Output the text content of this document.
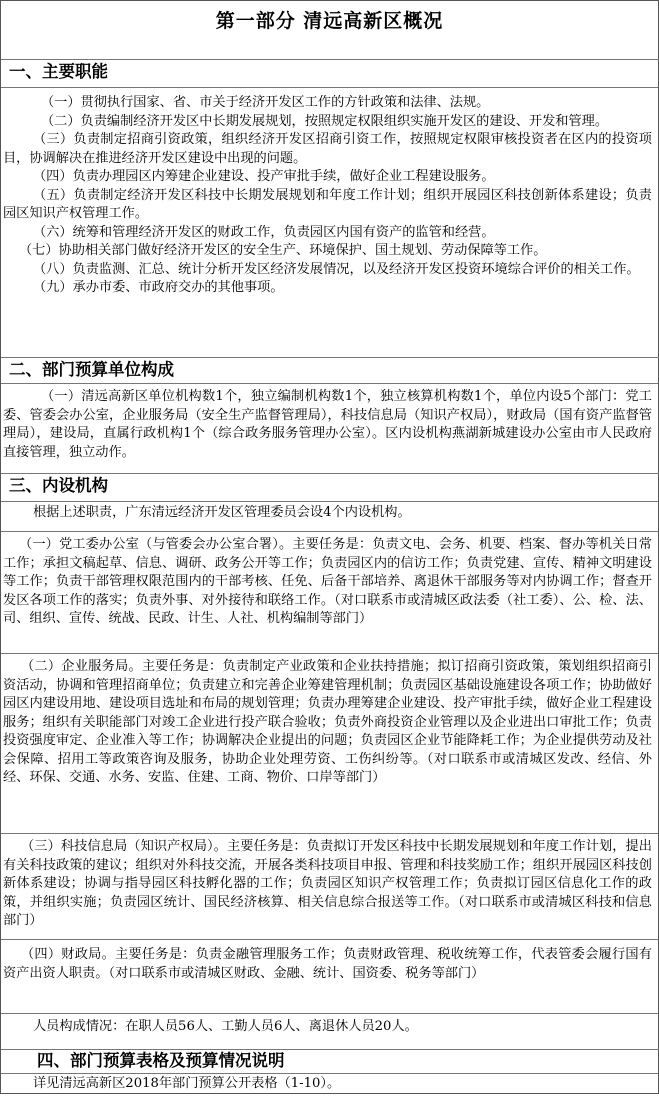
第一部分 清远高新区概况
一、主要职能

（一）贯彻执行国家、省、市关于经济开发区工作的方针政策和法律、法规。

（二）负责编制经济开发区中长期发展规划，按照规定权限组织实施开发区的建设、开发和管理。

（三）负责制定招商引资政策，组织经济开发区招商引资工作，按照规定权限审核投资者在区内的投资项目，协调解决在推进经济开发区建设中出现的问题。

（四）负责办理园区内筹建企业建设、投产审批手续，做好企业工程建设服务。

（五）负责制定经济开发区科技中长期发展规划和年度工作计划；组织开展园区科技创新体系建设；负责园区知识产权管理工作。

（六）统筹和管理经济开发区的财政工作，负责园区内国有资产的监管和经营。

（七）协助相关部门做好经济开发区的安全生产、环境保护、国土规划、劳动保障等工作。

（八）负责监测、汇总、统计分析开发区经济发展情况，以及经济开发区投资环境综合评价的相关工作。

（九）承办市委、市政府交办的其他事项。

二、部门预算单位构成

（一）清远高新区单位机构数1个，独立编制机构数1个，独立核算机构数1个，单位内设5个部门：党工委、管委会办公室，企业服务局（安全生产监督管理局），科技信息局（知识产权局），财政局（国有资产监督管理局），建设局，直属行政机构1个（综合政务服务管理办公室）。区内设机构燕湖新城建设办公室由市人民政府直接管理，独立动作。

三、内设机构

根据上述职责，广东清远经济开发区管理委员会设4个内设机构。

（一）党工委办公室（与管委会办公室合署）。主要任务是：负责文电、会务、机要、档案、督办等机关日常工作；承担文稿起草、信息、调研、政务公开等工作；负责园区内的信访工作；负责党建、宣传、精神文明建设等工作；负责干部管理权限范围内的干部考核、任免、后备干部培养、离退休干部服务等对内协调工作；督查开发区各项工作的落实；负责外事、对外接待和联络工作。（对口联系市或清城区政法委（社工委）、公、检、法、司、组织、宣传、统战、民政、计生、人社、机构编制等部门）

（二）企业服务局。主要任务是：负责制定产业政策和企业扶持措施；拟订招商引资政策，策划组织招商引资活动，协调和管理招商单位；负责建立和完善企业筹建管理机制；负责园区基础设施建设各项工作；协助做好园区内建设用地、建设项目选址和布局的规划管理；负责办理筹建企业建设、投产审批手续，做好企业工程建设服务；组织有关职能部门对竣工企业进行投产联合验收；负责外商投资企业管理以及企业进出口审批工作；负责投资强度审定、企业准入等工作；协调解决企业提出的问题；负责园区企业节能降耗工作；为企业提供劳动及社会保障、招用工等政策咨询及服务，协助企业处理劳资、工伤纠纷等。（对口联系市或清城区发改、经信、外经、环保、交通、水务、安监、住建、工商、物价、口岸等部门）

（三）科技信息局（知识产权局）。主要任务是：负责拟订开发区科技中长期发展规划和年度工作计划，提出有关科技政策的建议；组织对外科技交流，开展各类科技项目申报、管理和科技奖励工作；组织开展园区科技创新体系建设；协调与指导园区科技孵化器的工作；负责园区知识产权管理工作；负责拟订园区信息化工作的政策，并组织实施；负责园区统计、国民经济核算、相关信息综合报送等工作。（对口联系市或清城区科技和信息部门）

（四）财政局。主要任务是：负责金融管理服务工作；负责财政管理、税收统筹工作，代表管委会履行国有资产出资人职责。（对口联系市或清城区财政、金融、统计、国资委、税务等部门）

人员构成情况：在职人员56人、工勤人员6人、离退休人员20人。

四、部门预算表格及预算情况说明

详见清远高新区2018年部门预算公开表格（1-10）。
